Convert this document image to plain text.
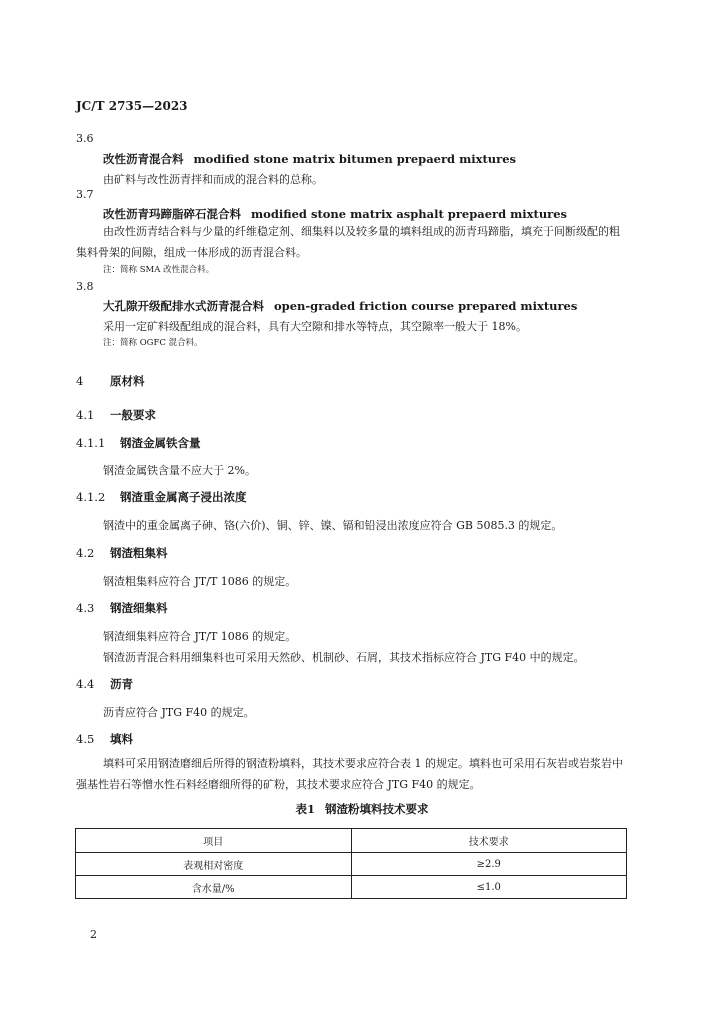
JC/T 2735—2023
3.6
改性沥青混合料 modified stone matrix bitumen prepaerd mixtures
由矿料与改性沥青拌和而成的混合料的总称。
3.7
改性沥青玛蹄脂碎石混合料 modified stone matrix asphalt prepaerd mixtures
由改性沥青结合料与少量的纤维稳定剂、细集料以及较多量的填料组成的沥青玛蹄脂，填充于间断级配的粗集料骨架的间隙，组成一体形成的沥青混合料。
注：简称 SMA 改性混合料。
3.8
大孔隙开级配排水式沥青混合料 open-graded friction course prepared mixtures
采用一定矿料级配组成的混合料，具有大空隙和排水等特点，其空隙率一般大于 18%。
注：简称 OGFC 混合料。
4 原材料
4.1 一般要求
4.1.1 钢渣金属铁含量
钢渣金属铁含量不应大于 2%。
4.1.2 钢渣重金属离子浸出浓度
钢渣中的重金属离子砷、铬(六价)、铜、锌、镍、镉和铅浸出浓度应符合 GB 5085.3 的规定。
4.2 钢渣粗集料
钢渣粗集料应符合 JT/T 1086 的规定。
4.3 钢渣细集料
钢渣细集料应符合 JT/T 1086 的规定。
钢渣沥青混合料用细集料也可采用天然砂、机制砂、石屑，其技术指标应符合 JTG F40 中的规定。
4.4 沥青
沥青应符合 JTG F40 的规定。
4.5 填料
填料可采用钢渣磨细后所得的钢渣粉填料，其技术要求应符合表 1 的规定。填料也可采用石灰岩或岩浆岩中强基性岩石等憎水性石料经磨细所得的矿粉，其技术要求应符合 JTG F40 的规定。
表1 钢渣粉填料技术要求
项目	技术要求
表观相对密度	≥2.9
含水量/%	≤1.0
2
